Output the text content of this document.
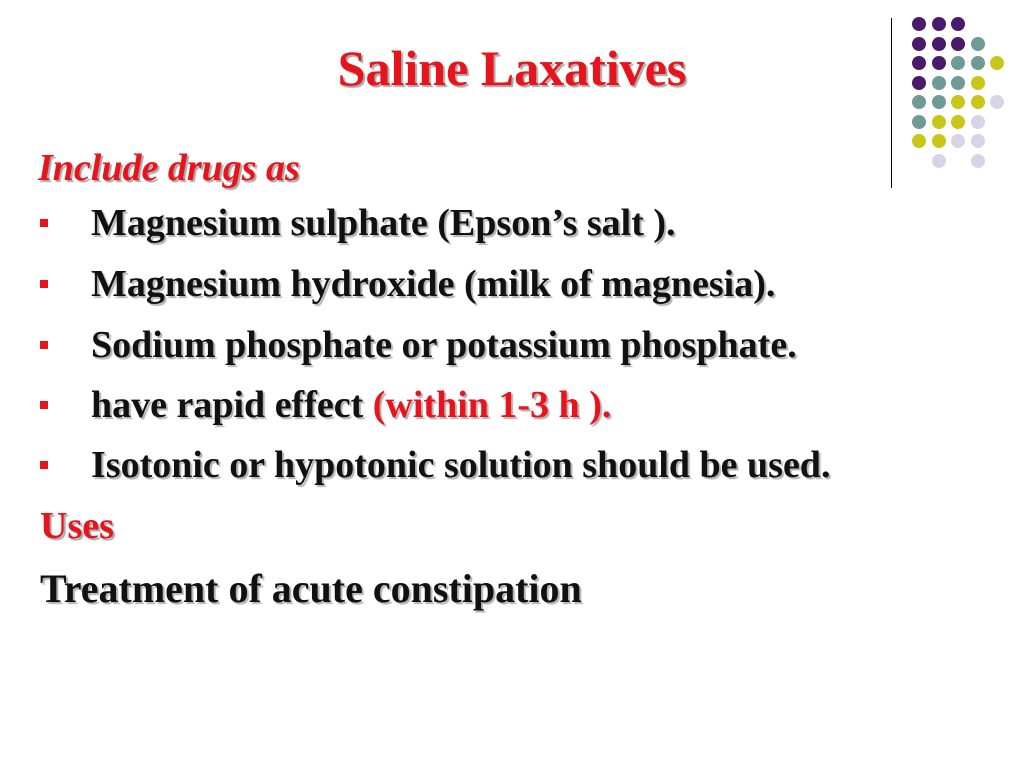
Saline Laxatives
Include drugs as
Magnesium sulphate (Epson’s salt ).
Magnesium hydroxide (milk of magnesia).
Sodium phosphate or potassium phosphate.
have rapid effect (within 1-3 h ).
Isotonic or hypotonic solution should be used.
Uses
Treatment of acute constipation
